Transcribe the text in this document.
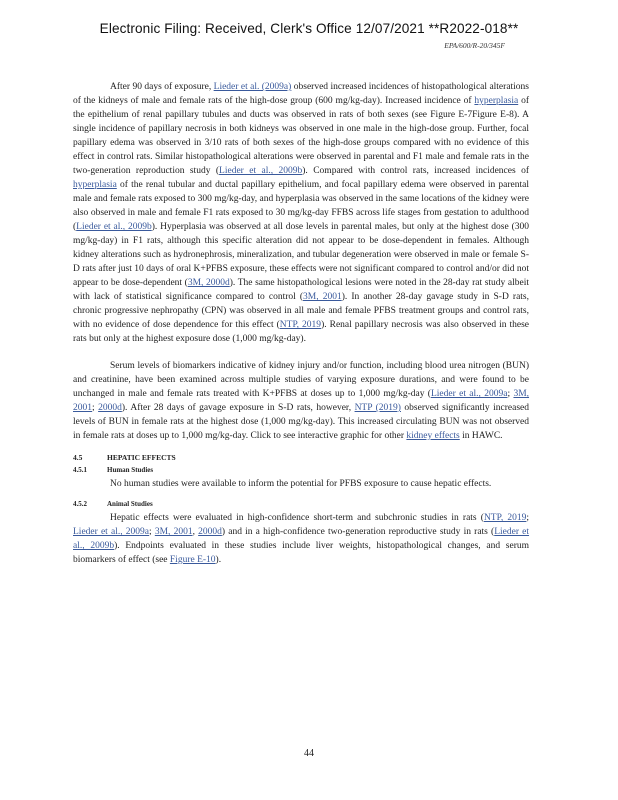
Electronic Filing: Received, Clerk's Office 12/07/2021 **R2022-018**
EPA/600/R-20/345F

After 90 days of exposure, Lieder et al. (2009a) observed increased incidences of histopathological alterations of the kidneys of male and female rats of the high-dose group (600 mg/kg-day). Increased incidence of hyperplasia of the epithelium of renal papillary tubules and ducts was observed in rats of both sexes (see Figure E-7Figure E-8). A single incidence of papillary necrosis in both kidneys was observed in one male in the high-dose group. Further, focal papillary edema was observed in 3/10 rats of both sexes of the high-dose groups compared with no evidence of this effect in control rats. Similar histopathological alterations were observed in parental and F1 male and female rats in the two-generation reproduction study (Lieder et al., 2009b). Compared with control rats, increased incidences of hyperplasia of the renal tubular and ductal papillary epithelium, and focal papillary edema were observed in parental male and female rats exposed to 300 mg/kg-day, and hyperplasia was observed in the same locations of the kidney were also observed in male and female F1 rats exposed to 30 mg/kg-day FFBS across life stages from gestation to adulthood (Lieder et al., 2009b). Hyperplasia was observed at all dose levels in parental males, but only at the highest dose (300 mg/kg-day) in F1 rats, although this specific alteration did not appear to be dose-dependent in females. Although kidney alterations such as hydronephrosis, mineralization, and tubular degeneration were observed in male or female S-D rats after just 10 days of oral K+PFBS exposure, these effects were not significant compared to control and/or did not appear to be dose-dependent (3M, 2000d). The same histopathological lesions were noted in the 28-day rat study albeit with lack of statistical significance compared to control (3M, 2001). In another 28-day gavage study in S-D rats, chronic progressive nephropathy (CPN) was observed in all male and female PFBS treatment groups and control rats, with no evidence of dose dependence for this effect (NTP, 2019). Renal papillary necrosis was also observed in these rats but only at the highest exposure dose (1,000 mg/kg-day).

Serum levels of biomarkers indicative of kidney injury and/or function, including blood urea nitrogen (BUN) and creatinine, have been examined across multiple studies of varying exposure durations, and were found to be unchanged in male and female rats treated with K+PFBS at doses up to 1,000 mg/kg-day (Lieder et al., 2009a; 3M, 2001; 2000d). After 28 days of gavage exposure in S-D rats, however, NTP (2019) observed significantly increased levels of BUN in female rats at the highest dose (1,000 mg/kg-day). This increased circulating BUN was not observed in female rats at doses up to 1,000 mg/kg-day. Click to see interactive graphic for other kidney effects in HAWC.

4.5	HEPATIC EFFECTS

4.5.1	Human Studies

No human studies were available to inform the potential for PFBS exposure to cause hepatic effects.

4.5.2	Animal Studies

Hepatic effects were evaluated in high-confidence short-term and subchronic studies in rats (NTP, 2019; Lieder et al., 2009a; 3M, 2001, 2000d) and in a high-confidence two-generation reproductive study in rats (Lieder et al., 2009b). Endpoints evaluated in these studies include liver weights, histopathological changes, and serum biomarkers of effect (see Figure E-10).

44
